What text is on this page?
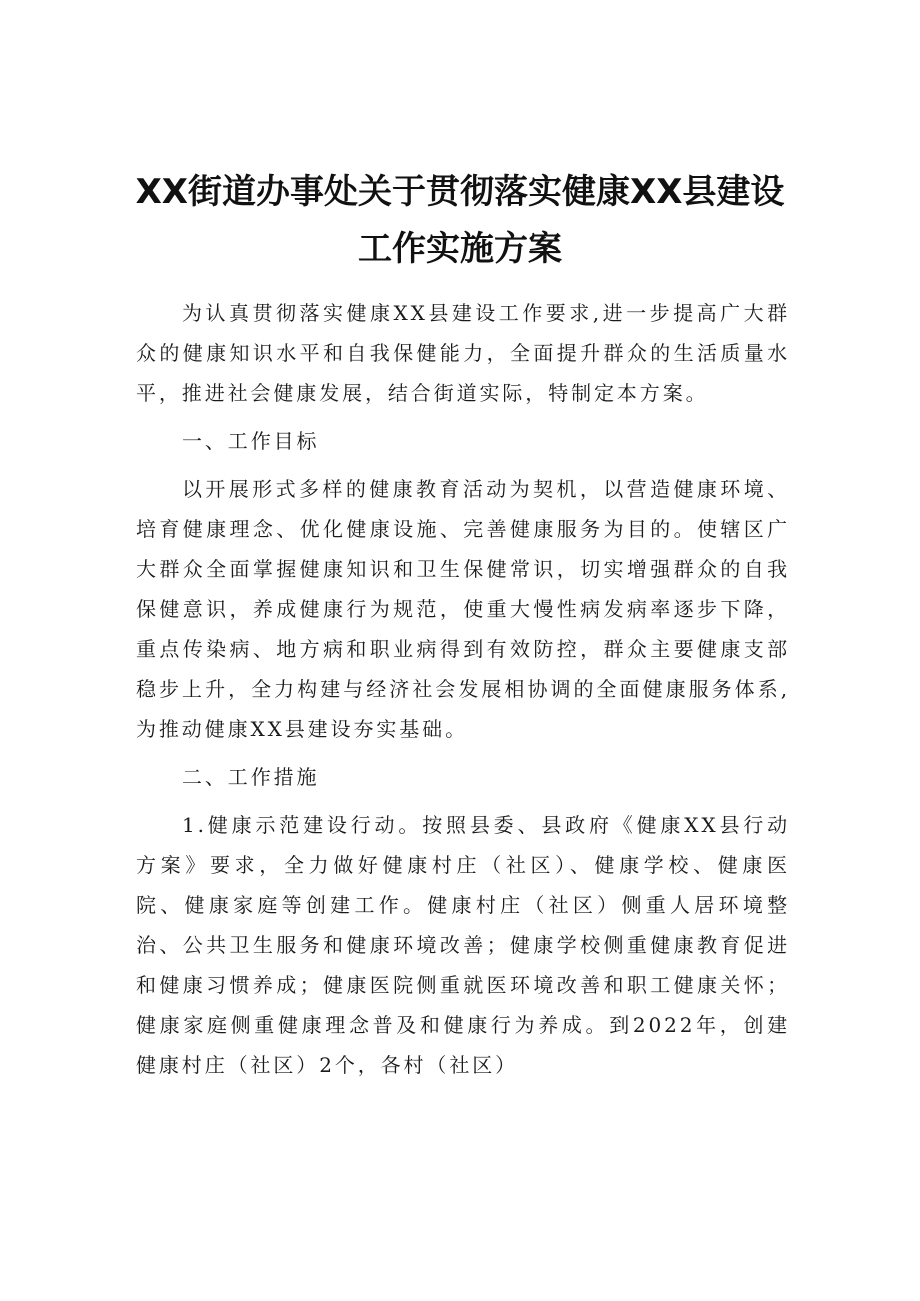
XX街道办事处关于贯彻落实健康XX县建设
工作实施方案

为认真贯彻落实健康XX县建设工作要求,进一步提高广大群众的健康知识水平和自我保健能力，全面提升群众的生活质量水平，推进社会健康发展，结合街道实际，特制定本方案。

一、工作目标

以开展形式多样的健康教育活动为契机，以营造健康环境、培育健康理念、优化健康设施、完善健康服务为目的。使辖区广大群众全面掌握健康知识和卫生保健常识，切实增强群众的自我保健意识，养成健康行为规范，使重大慢性病发病率逐步下降，重点传染病、地方病和职业病得到有效防控，群众主要健康支部稳步上升，全力构建与经济社会发展相协调的全面健康服务体系,为推动健康XX县建设夯实基础。

二、工作措施

1.健康示范建设行动。按照县委、县政府《健康XX县行动方案》要求，全力做好健康村庄（社区）、健康学校、健康医院、健康家庭等创建工作。健康村庄（社区）侧重人居环境整治、公共卫生服务和健康环境改善；健康学校侧重健康教育促进和健康习惯养成；健康医院侧重就医环境改善和职工健康关怀；健康家庭侧重健康理念普及和健康行为养成。到2022年，创建健康村庄（社区）2个，各村（社区）
